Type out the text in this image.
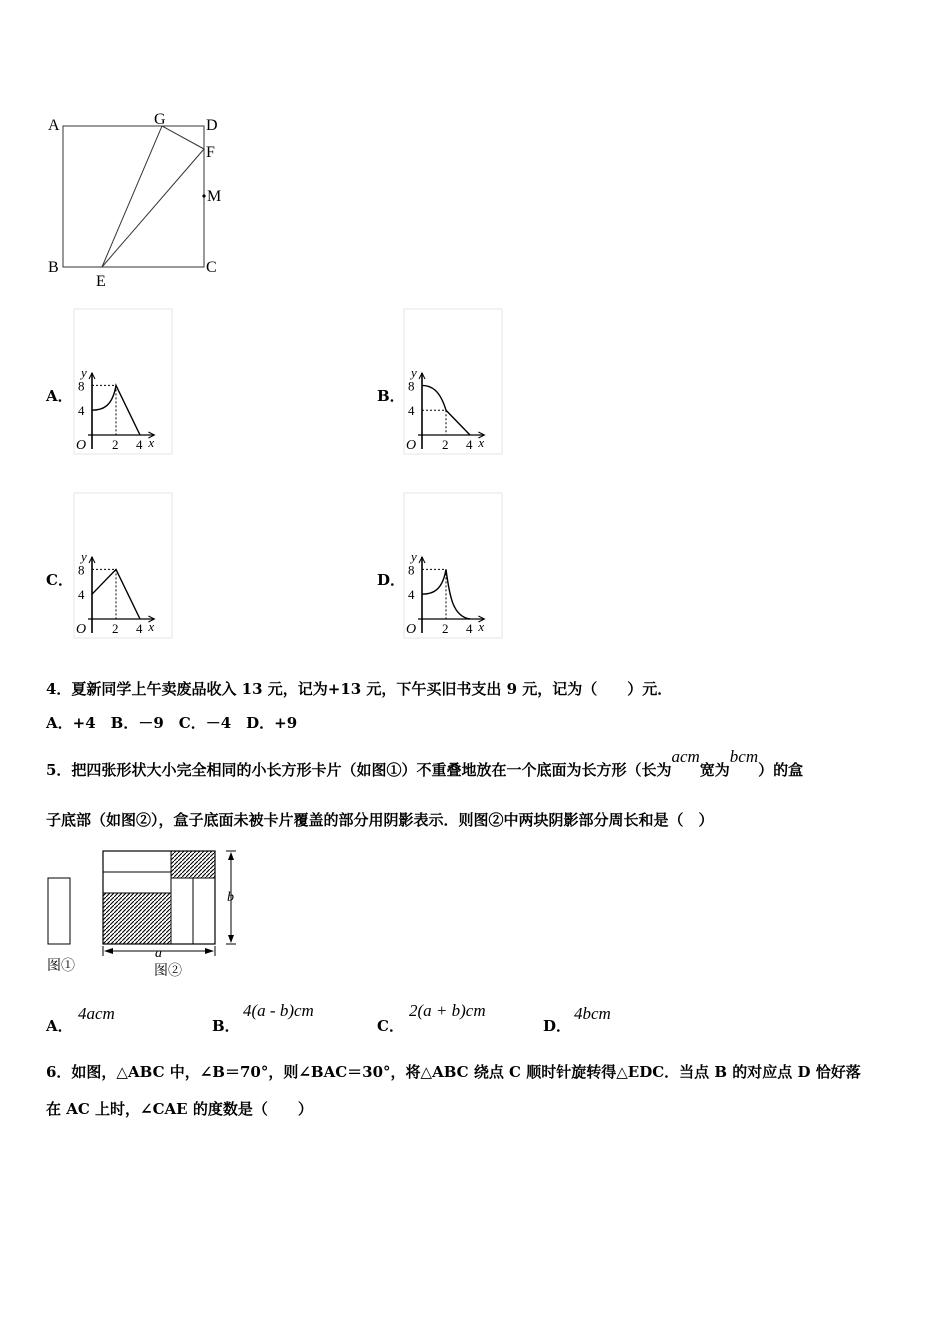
A	G	D
F
M
B
E
C
A．
y
x
O 2 4
4
8
B．
y
x
O 2 4
4
8
C．
y
x
O 2 4
4
8
D．
y
x
O 2 4
4
8
4．夏新同学上午卖废品收入 13 元，记为+13 元，下午买旧书支出 9 元，记为（　　）元．
A．+4　B．－9　C．－4　D．+9
5．把四张形状大小完全相同的小长方形卡片（如图①）不重叠地放在一个底面为长方形（长为acm宽为bcm）的盒
子底部（如图②），盒子底面未被卡片覆盖的部分用阴影表示．则图②中两块阴影部分周长和是（　）
图①
b
a
图②
A．
4acm
B．
4(a - b)cm
C．
2(a + b)cm
D．
4bcm
6．如图，△ABC 中，∠B＝70°，则∠BAC＝30°，将△ABC 绕点 C 顺时针旋转得△EDC．当点 B 的对应点 D 恰好落
在 AC 上时，∠CAE 的度数是（　　）
